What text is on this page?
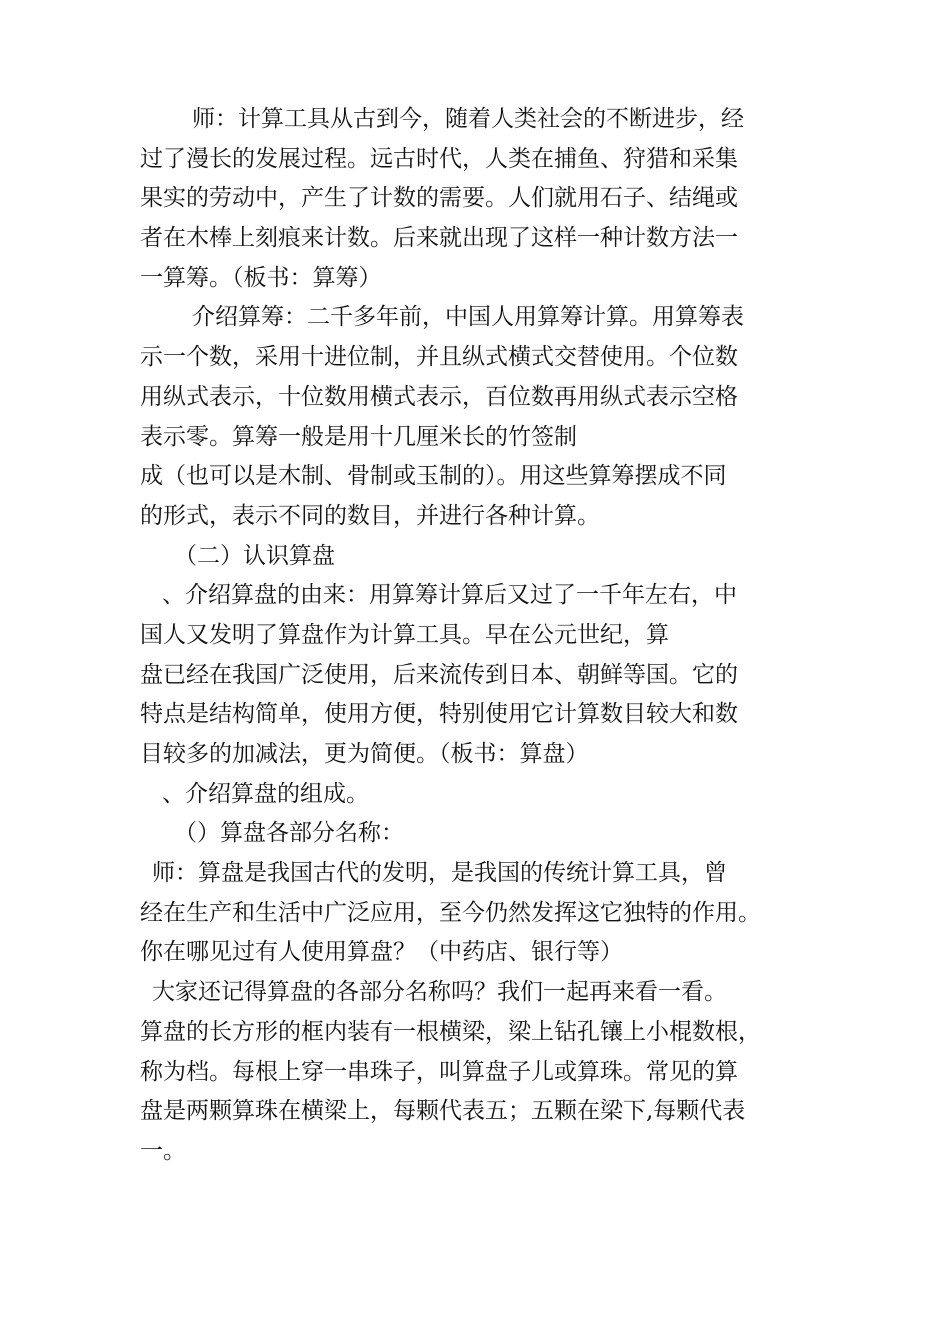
师：计算工具从古到今，随着人类社会的不断进步，经
过了漫长的发展过程。远古时代，人类在捕鱼、狩猎和采集
果实的劳动中，产生了计数的需要。人们就用石子、结绳或
者在木棒上刻痕来计数。后来就出现了这样一种计数方法一
一算筹。（板书：算筹）
介绍算筹：二千多年前，中国人用算筹计算。用算筹表
示一个数，采用十进位制，并且纵式横式交替使用。个位数
用纵式表示，十位数用横式表示，百位数再用纵式表示空格
表示零。算筹一般是用十几厘米长的竹签制
成（也可以是木制、骨制或玉制的）。用这些算筹摆成不同
的形式，表示不同的数目，并进行各种计算。
（二）认识算盘
、介绍算盘的由来：用算筹计算后又过了一千年左右，中
国人又发明了算盘作为计算工具。早在公元世纪，算
盘已经在我国广泛使用，后来流传到日本、朝鲜等国。它的
特点是结构简单，使用方便，特别使用它计算数目较大和数
目较多的加减法，更为简便。（板书：算盘）
、介绍算盘的组成。
（）算盘各部分名称：
师：算盘是我国古代的发明，是我国的传统计算工具，曾
经在生产和生活中广泛应用，至今仍然发挥这它独特的作用。
你在哪见过有人使用算盘？（中药店、银行等）
大家还记得算盘的各部分名称吗？我们一起再来看一看。
算盘的长方形的框内装有一根横梁，梁上钻孔镶上小棍数根，
称为档。每根上穿一串珠子，叫算盘子儿或算珠。常见的算
盘是两颗算珠在横梁上，每颗代表五；五颗在梁下,每颗代表
一。
